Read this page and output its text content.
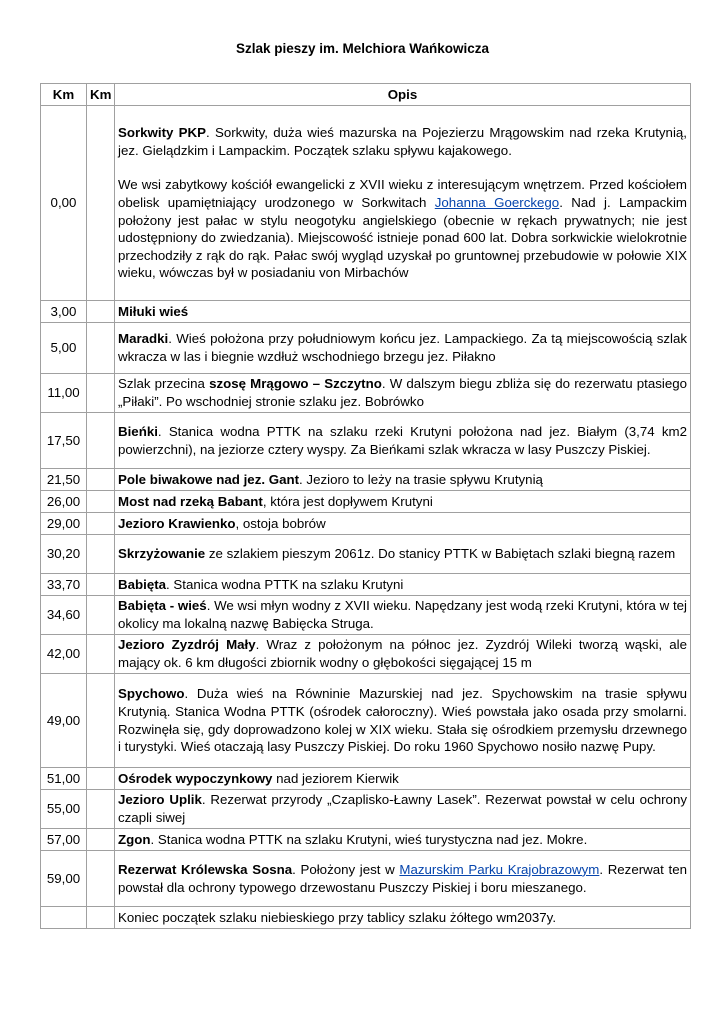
Szlak pieszy im. Melchiora Wańkowicza
Km	Km	Opis
0,00		Sorkwity PKP. Sorkwity, duża wieś mazurska na Pojezierzu Mrągowskim nad rzeka Krutynią, jez. Gielądzkim i Lampackim. Początek szlaku spływu kajakowego.

We wsi zabytkowy kościół ewangelicki z XVII wieku z interesującym wnętrzem. Przed kościołem obelisk upamiętniający urodzonego w Sorkwitach Johanna Goerckego. Nad j. Lampackim położony jest pałac w stylu neogotyku angielskiego (obecnie w rękach prywatnych; nie jest udostępniony do zwiedzania). Miejscowość istnieje ponad 600 lat. Dobra sorkwickie wielokrotnie przechodziły z rąk do rąk. Pałac swój wygląd uzyskał po gruntownej przebudowie w połowie XIX wieku, wówczas był w posiadaniu von Mirbachów

3,00		Miłuki wieś
5,00		Maradki. Wieś położona przy południowym końcu jez. Lampackiego. Za tą miejscowością szlak wkracza w las i biegnie wzdłuż wschodniego brzegu jez. Piłakno
11,00		Szlak przecina szosę Mrągowo – Szczytno. W dalszym biegu zbliża się do rezerwatu ptasiego „Piłaki”. Po wschodniej stronie szlaku jez. Bobrówko
17,50		Bieńki. Stanica wodna PTTK na szlaku rzeki Krutyni położona nad jez. Białym (3,74 km2 powierzchni), na jeziorze cztery wyspy. Za Bieńkami szlak wkracza w lasy Puszczy Piskiej.
21,50		Pole biwakowe nad jez. Gant. Jezioro to leży na trasie spływu Krutynią
26,00		Most nad rzeką Babant, która jest dopływem Krutyni
29,00		Jezioro Krawienko, ostoja bobrów
30,20		Skrzyżowanie ze szlakiem pieszym 2061z. Do stanicy PTTK w Babiętach szlaki biegną razem
33,70		Babięta. Stanica wodna PTTK na szlaku Krutyni
34,60		Babięta - wieś. We wsi młyn wodny z XVII wieku. Napędzany jest wodą rzeki Krutyni, która w tej okolicy ma lokalną nazwę Babięcka Struga.
42,00		Jezioro Zyzdrój Mały. Wraz z położonym na północ jez. Zyzdrój Wileki tworzą wąski, ale mający ok. 6 km długości zbiornik wodny o głębokości sięgającej 15 m
49,00		Spychowo. Duża wieś na Równinie Mazurskiej nad jez. Spychowskim na trasie spływu Krutynią. Stanica Wodna PTTK (ośrodek całoroczny). Wieś powstała jako osada przy smolarni. Rozwinęła się, gdy doprowadzono kolej w XIX wieku. Stała się ośrodkiem przemysłu drzewnego i turystyki. Wieś otaczają lasy Puszczy Piskiej. Do roku 1960 Spychowo nosiło nazwę Pupy.
51,00		Ośrodek wypoczynkowy nad jeziorem Kierwik
55,00		Jezioro Uplik. Rezerwat przyrody „Czaplisko-Ławny Lasek”. Rezerwat powstał w celu ochrony czapli siwej
57,00		Zgon. Stanica wodna PTTK na szlaku Krutyni, wieś turystyczna nad jez. Mokre.
59,00		Rezerwat Królewska Sosna. Położony jest w Mazurskim Parku Krajobrazowym. Rezerwat ten powstał dla ochrony typowego drzewostanu Puszczy Piskiej i boru mieszanego.
		Koniec początek szlaku niebieskiego przy tablicy szlaku żółtego wm2037y.
